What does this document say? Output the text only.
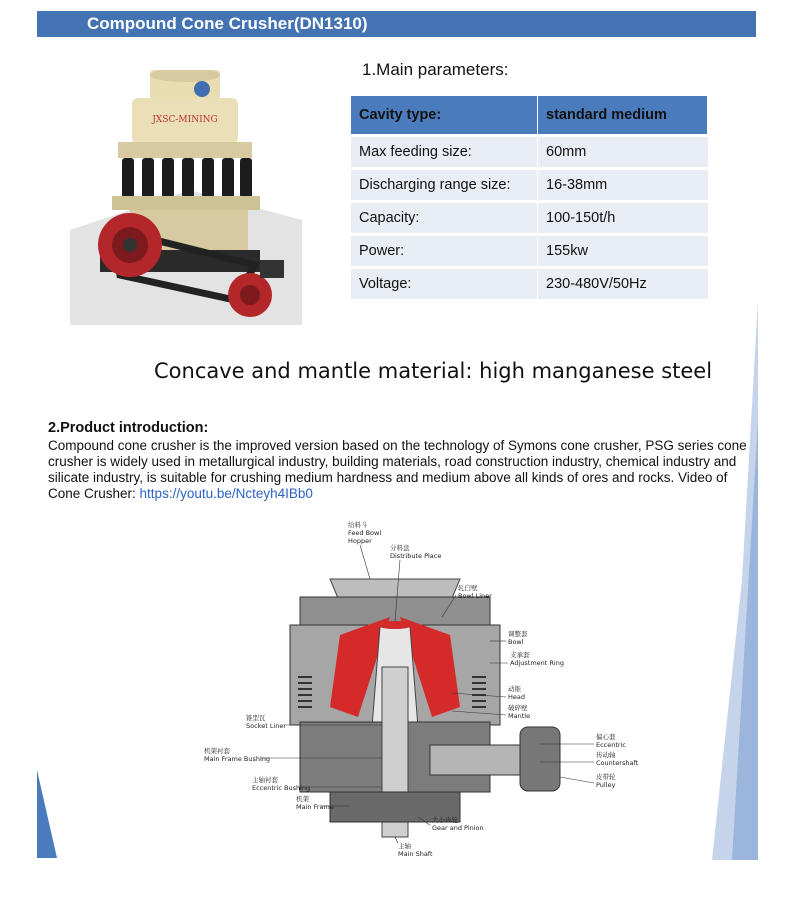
Compound Cone Crusher(DN1310)
JXSC-MINING
1.Main parameters:
Cavity type:	standard medium
Max feeding size:	60mm
Discharging range size:	16-38mm
Capacity:	100-150t/h
Power:	155kw
Voltage:	230-480V/50Hz
Concave and mantle material: high manganese steel
2.Product introduction:
Compound cone crusher is the improved version based on the technology of Symons cone crusher, PSG series cone crusher is widely used in metallurgical industry, building materials, road construction industry, chemical industry and silicate industry, is suitable for crushing medium hardness and medium above all kinds of ores and rocks. Video of Cone Crusher: https://youtu.be/Ncteyh4IBb0
给料斗
Feed Bowl
Hopper
分料盘
Distribute Place
轧臼壁
Bowl Liner
调整套
Bowl
支承套
Adjustment Ring
动锥
Head
破碎壁
Mantle
锥型瓦
Socket Liner
偏心套
Eccentric
传动轴
Countershaft
机架衬套
Main Frame Bushing
皮带轮
Pulley
主轴衬套
Eccentric Bushing
机架
Main Frame
大小齿轮
Gear and Pinion
主轴
Main Shaft
